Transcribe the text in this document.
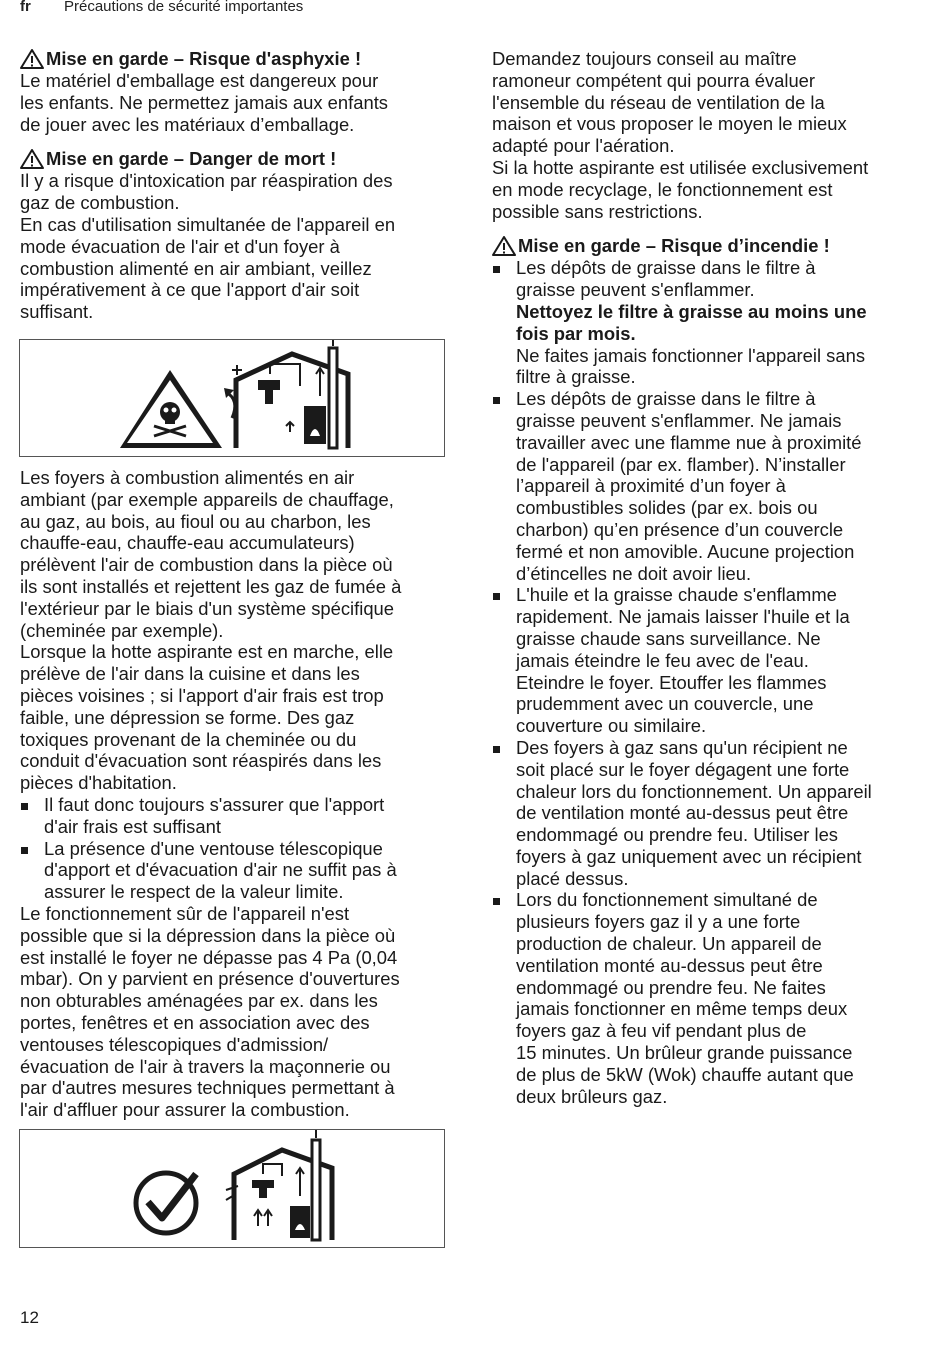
fr Précautions de sécurité importantes
Mise en garde – Risque d'asphyxie !

Le matériel d'emballage est dangereux pour

les enfants. Ne permettez jamais aux enfants

de jouer avec les matériaux d’emballage.

Mise en garde – Danger de mort !

Il y a risque d'intoxication par réaspiration des

gaz de combustion.

En cas d'utilisation simultanée de l'appareil en

mode évacuation de l'air et d'un foyer à

combustion alimenté en air ambiant, veillez

impérativement à ce que l'apport d'air soit

suffisant.

Les foyers à combustion alimentés en air

ambiant (par exemple appareils de chauffage,

au gaz, au bois, au fioul ou au charbon, les

chauffe-eau, chauffe-eau accumulateurs)

prélèvent l'air de combustion dans la pièce où

ils sont installés et rejettent les gaz de fumée à

l'extérieur par le biais d'un système spécifique

(cheminée par exemple).

Lorsque la hotte aspirante est en marche, elle

prélève de l'air dans la cuisine et dans les

pièces voisines ; si l'apport d'air frais est trop

faible, une dépression se forme. Des gaz

toxiques provenant de la cheminée ou du

conduit d'évacuation sont réaspirés dans les

pièces d'habitation.

Il faut donc toujours s'assurer que l'apport

d'air frais est suffisant

La présence d'une ventouse télescopique

d'apport et d'évacuation d'air ne suffit pas à

assurer le respect de la valeur limite.

Le fonctionnement sûr de l'appareil n'est

possible que si la dépression dans la pièce où

est installé le foyer ne dépasse pas 4 Pa (0,04

mbar). On y parvient en présence d'ouvertures

non obturables aménagées par ex. dans les

portes, fenêtres et en association avec des

ventouses télescopiques d'admission/

évacuation de l'air à travers la maçonnerie ou

par d'autres mesures techniques permettant à

l'air d'affluer pour assurer la combustion.

Demandez toujours conseil au maître

ramoneur compétent qui pourra évaluer

l'ensemble du réseau de ventilation de la

maison et vous proposer le moyen le mieux

adapté pour l'aération.

Si la hotte aspirante est utilisée exclusivement

en mode recyclage, le fonctionnement est

possible sans restrictions.

Mise en garde – Risque d’incendie !

Les dépôts de graisse dans le filtre à

graisse peuvent s'enflammer.

Nettoyez le filtre à graisse au moins une

fois par mois.

Ne faites jamais fonctionner l'appareil sans

filtre à graisse.

Les dépôts de graisse dans le filtre à

graisse peuvent s'enflammer. Ne jamais

travailler avec une flamme nue à proximité

de l'appareil (par ex. flamber). N’installer

l’appareil à proximité d’un foyer à

combustibles solides (par ex. bois ou

charbon) qu’en présence d’un couvercle

fermé et non amovible. Aucune projection

d’étincelles ne doit avoir lieu.

L'huile et la graisse chaude s'enflamme

rapidement. Ne jamais laisser l'huile et la

graisse chaude sans surveillance. Ne

jamais éteindre le feu avec de l'eau.

Eteindre le foyer. Etouffer les flammes

prudemment avec un couvercle, une

couverture ou similaire.

Des foyers à gaz sans qu'un récipient ne

soit placé sur le foyer dégagent une forte

chaleur lors du fonctionnement. Un appareil

de ventilation monté au-dessus peut être

endommagé ou prendre feu. Utiliser les

foyers à gaz uniquement avec un récipient

placé dessus.

Lors du fonctionnement simultané de

plusieurs foyers gaz il y a une forte

production de chaleur. Un appareil de

ventilation monté au-dessus peut être

endommagé ou prendre feu. Ne faites

jamais fonctionner en même temps deux

foyers gaz à feu vif pendant plus de

15 minutes. Un brûleur grande puissance

de plus de 5kW (Wok) chauffe autant que

deux brûleurs gaz.

12
